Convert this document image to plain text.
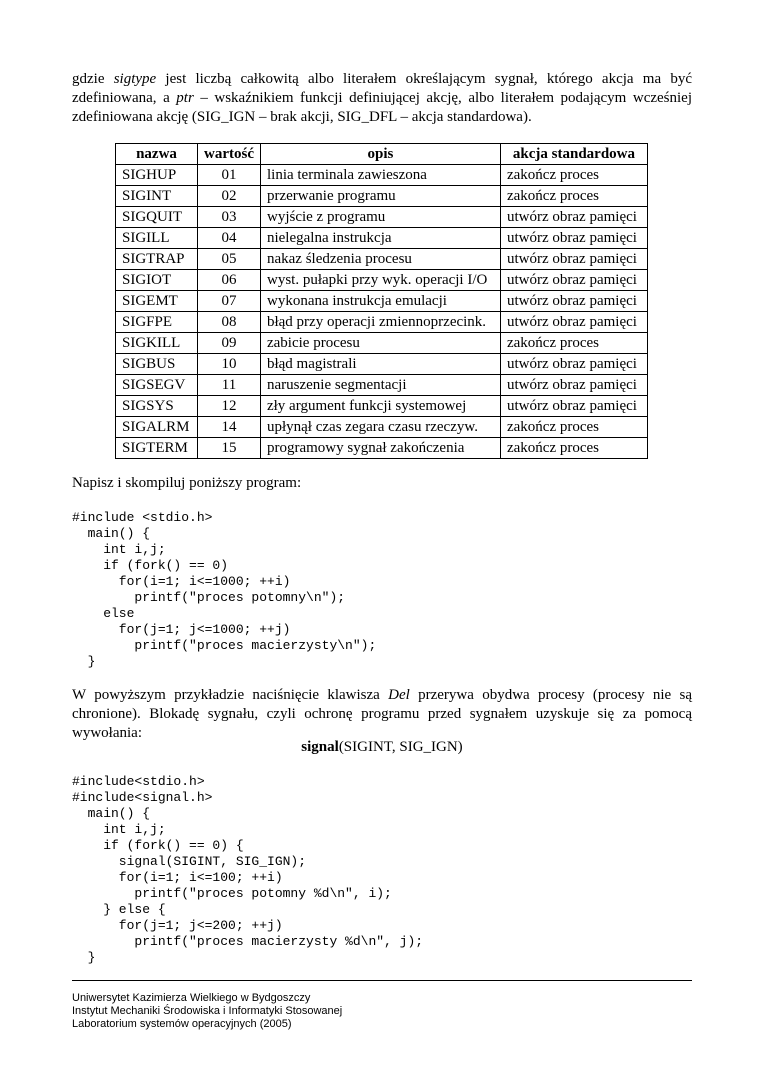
gdzie sigtype jest liczbą całkowitą albo literałem określającym sygnał, którego akcja ma być zdefiniowana, a ptr – wskaźnikiem funkcji definiującej akcję, albo literałem podającym wcześniej zdefiniowana akcję (SIG_IGN – brak akcji, SIG_DFL – akcja standardowa).
nazwa	wartość	opis	akcja standardowa
SIGHUP	01	linia terminala zawieszona	zakończ proces
SIGINT	02	przerwanie programu	zakończ proces
SIGQUIT	03	wyjście z programu	utwórz obraz pamięci
SIGILL	04	nielegalna instrukcja	utwórz obraz pamięci
SIGTRAP	05	nakaz śledzenia procesu	utwórz obraz pamięci
SIGIOT	06	wyst. pułapki przy wyk. operacji I/O	utwórz obraz pamięci
SIGEMT	07	wykonana instrukcja emulacji	utwórz obraz pamięci
SIGFPE	08	błąd przy operacji zmiennoprzecink.	utwórz obraz pamięci
SIGKILL	09	zabicie procesu	zakończ proces
SIGBUS	10	błąd magistrali	utwórz obraz pamięci
SIGSEGV	11	naruszenie segmentacji	utwórz obraz pamięci
SIGSYS	12	zły argument funkcji systemowej	utwórz obraz pamięci
SIGALRM	14	upłynął czas zegara czasu rzeczyw.	zakończ proces
SIGTERM	15	programowy sygnał zakończenia	zakończ proces
Napisz i skompiluj poniższy program:
#include <stdio.h>
main() {
int i,j;
if (fork() == 0)
for(i=1; i<=1000; ++i)
printf("proces potomny\n");
else
for(j=1; j<=1000; ++j)
printf("proces macierzysty\n");
}
W powyższym przykładzie naciśnięcie klawisza Del przerywa obydwa procesy (procesy nie są chronione). Blokadę sygnału, czyli ochronę programu przed sygnałem uzyskuje się za pomocą wywołania:
signal(SIGINT, SIG_IGN)
#include<stdio.h>
#include<signal.h>
main() {
int i,j;
if (fork() == 0) {
signal(SIGINT, SIG_IGN);
for(i=1; i<=100; ++i)
printf("proces potomny %d\n", i);
} else {
for(j=1; j<=200; ++j)
printf("proces macierzysty %d\n", j);
}
Uniwersytet Kazimierza Wielkiego w Bydgoszczy
Instytut Mechaniki Środowiska i Informatyki Stosowanej
Laboratorium systemów operacyjnych (2005)
